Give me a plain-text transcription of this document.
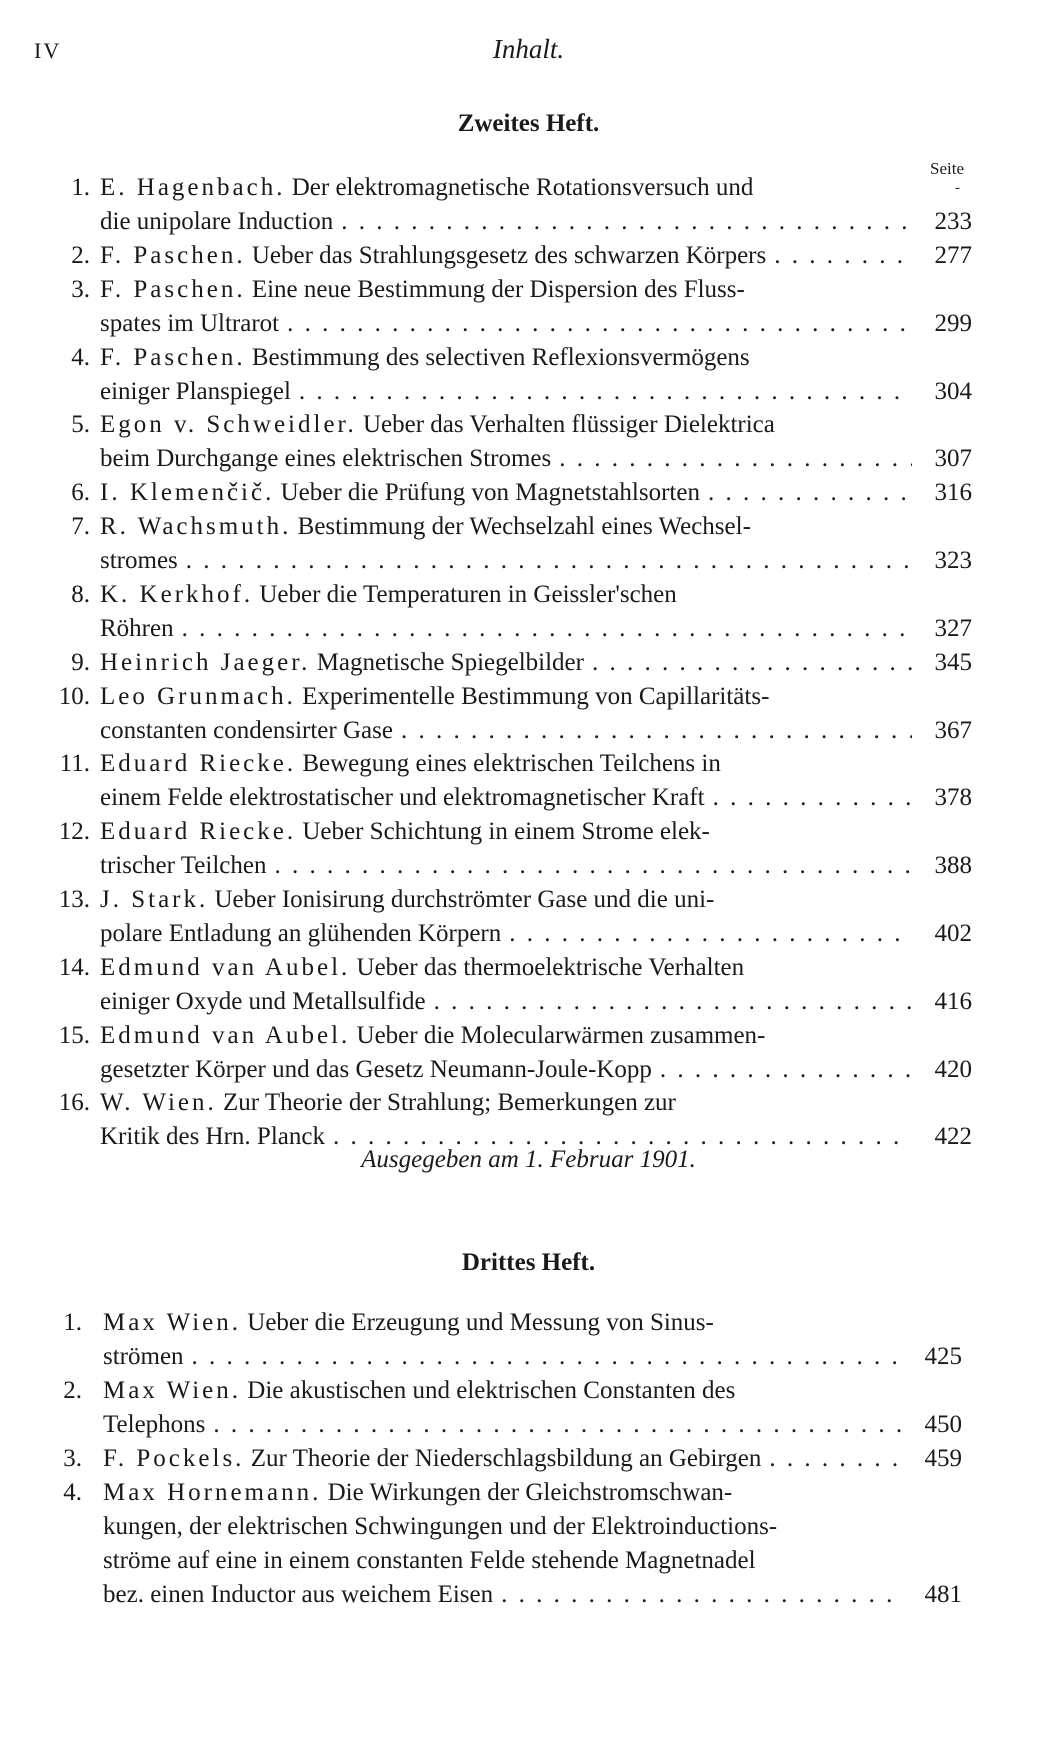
IV	Inhalt.
Zweites Heft.
Seite
-
1. E. Hagenbach. Der elektromagnetische Rotationsversuch und
die unipolare Induction . . .	233
2. F. Paschen. Ueber das Strahlungsgesetz des schwarzen Körpers . . .	277
3. F. Paschen. Eine neue Bestimmung der Dispersion des Fluss-
spates im Ultrarot . . .	299
4. F. Paschen. Bestimmung des selectiven Reflexionsvermögens
einiger Planspiegel . . .	304
5. Egon v. Schweidler. Ueber das Verhalten flüssiger Dielektrica
beim Durchgange eines elektrischen Stromes . . .	307
6. I. Klemenčič. Ueber die Prüfung von Magnetstahlsorten . . .	316
7. R. Wachsmuth. Bestimmung der Wechselzahl eines Wechsel-
stromes . . .	323
8. K. Kerkhof. Ueber die Temperaturen in Geissler'schen
Röhren . . .	327
9. Heinrich Jaeger. Magnetische Spiegelbilder . . .	345
10. Leo Grunmach. Experimentelle Bestimmung von Capillaritäts-
constanten condensirter Gase . . .	367
11. Eduard Riecke. Bewegung eines elektrischen Teilchens in
einem Felde elektrostatischer und elektromagnetischer Kraft . . .	378
12. Eduard Riecke. Ueber Schichtung in einem Strome elek-
trischer Teilchen . . .	388
13. J. Stark. Ueber Ionisirung durchströmter Gase und die uni-
polare Entladung an glühenden Körpern . . .	402
14. Edmund van Aubel. Ueber das thermoelektrische Verhalten
einiger Oxyde und Metallsulfide . . .	416
15. Edmund van Aubel. Ueber die Molecularwärmen zusammen-
gesetzter Körper und das Gesetz Neumann-Joule-Kopp . . .	420
16. W. Wien. Zur Theorie der Strahlung; Bemerkungen zur
Kritik des Hrn. Planck . . .	422
Ausgegeben am 1. Februar 1901.
Drittes Heft.
1. Max Wien. Ueber die Erzeugung und Messung von Sinus-
strömen . . .	425
2. Max Wien. Die akustischen und elektrischen Constanten des
Telephons . . .	450
3. F. Pockels. Zur Theorie der Niederschlagsbildung an Gebirgen . . .	459
4. Max Hornemann. Die Wirkungen der Gleichstromschwan-
kungen, der elektrischen Schwingungen und der Elektroinductions-
ströme auf eine in einem constanten Felde stehende Magnetnadel
bez. einen Inductor aus weichem Eisen . . .	481
